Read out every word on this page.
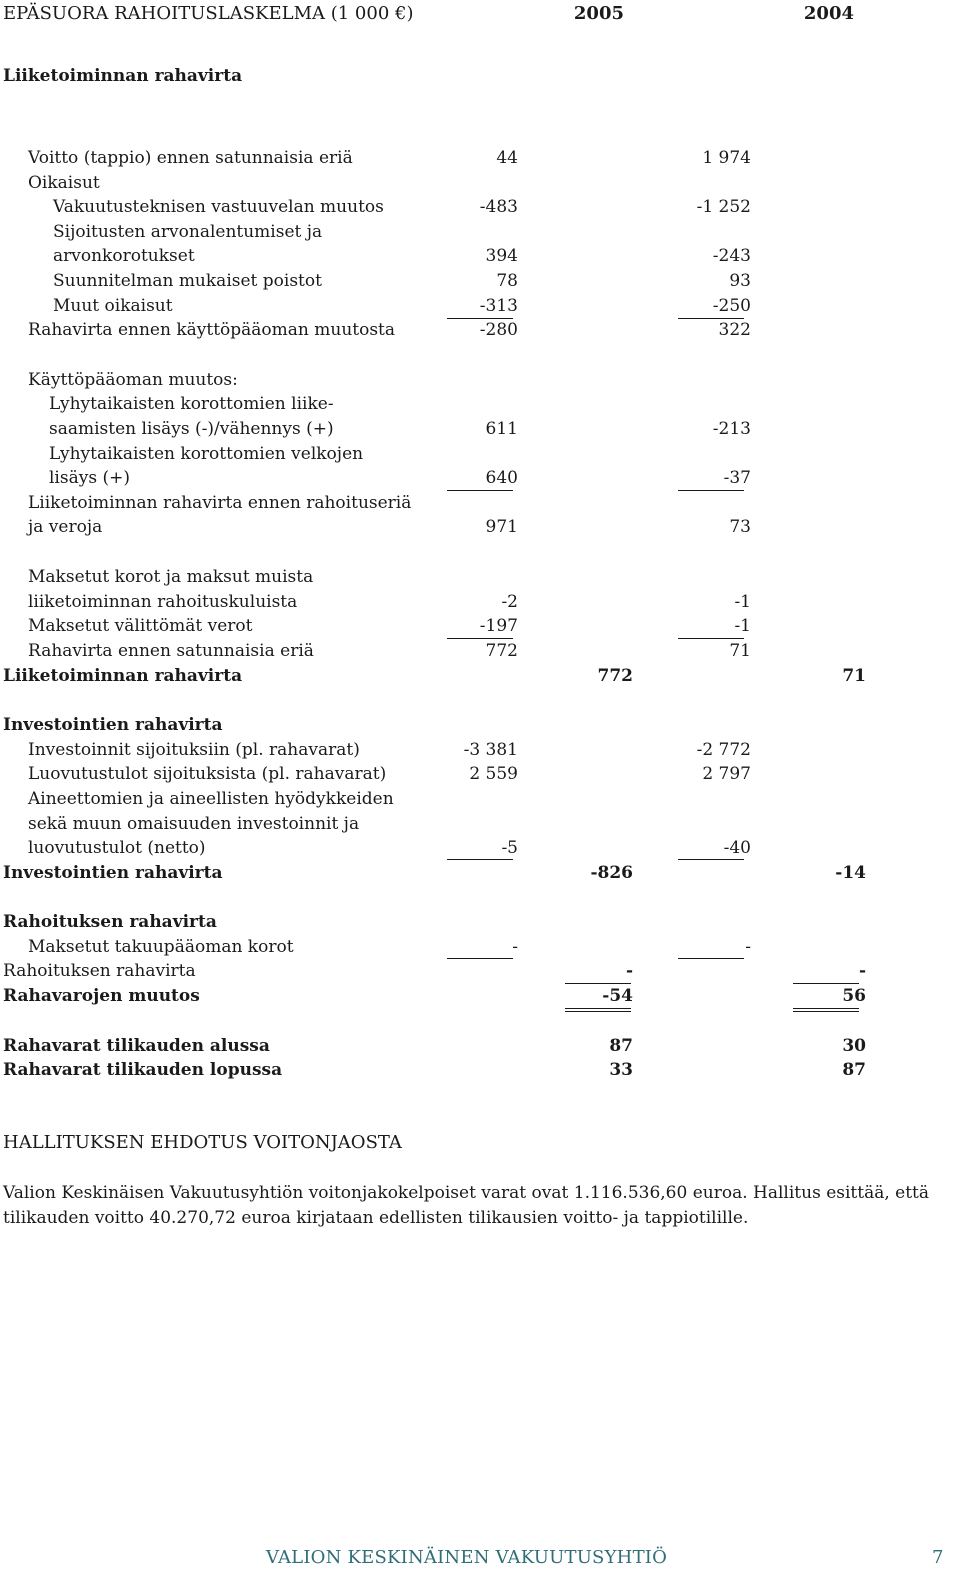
EPÄSUORA RAHOITUSLASKELMA (1 000 €)	2005	2004
Liiketoiminnan rahavirta
Voitto (tappio) ennen satunnaisia eriä	44	1 974
Oikaisut
Vakuutusteknisen vastuuvelan muutos	-483	-1 252
Sijoitusten arvonalentumiset ja
arvonkorotukset	394	-243
Suunnitelman mukaiset poistot	78	93
Muut oikaisut	-313	-250
Rahavirta ennen käyttöpääoman muutosta	-280	322
Käyttöpääoman muutos:
Lyhytaikaisten korottomien liike-
saamisten lisäys (-)/vähennys (+)	611	-213
Lyhytaikaisten korottomien velkojen
lisäys (+)	640	-37
Liiketoiminnan rahavirta ennen rahoituseriä
ja veroja	971	73
Maksetut korot ja maksut muista
liiketoiminnan rahoituskuluista	-2	-1
Maksetut välittömät verot	-197	-1
Rahavirta ennen satunnaisia eriä	772	71
Liiketoiminnan rahavirta	772	71
Investointien rahavirta
Investoinnit sijoituksiin (pl. rahavarat)	-3 381	-2 772
Luovutustulot sijoituksista (pl. rahavarat)	2 559	2 797
Aineettomien ja aineellisten hyödykkeiden
sekä muun omaisuuden investoinnit ja
luovutustulot (netto)	-5	-40
Investointien rahavirta	-826	-14
Rahoituksen rahavirta
Maksetut takuupääoman korot	-	-
Rahoituksen rahavirta	-	-
Rahavarojen muutos	-54	56
Rahavarat tilikauden alussa	87	30
Rahavarat tilikauden lopussa	33	87
HALLITUKSEN EHDOTUS VOITONJAOSTA
Valion Keskinäisen Vakuutusyhtiön voitonjakokelpoiset varat ovat 1.116.536,60 euroa. Hallitus esittää, että tilikauden voitto 40.270,72 euroa kirjataan edellisten tilikausien voitto- ja tappiotilille.
VALION KESKINÄINEN VAKUUTUSYHTIÖ	7
